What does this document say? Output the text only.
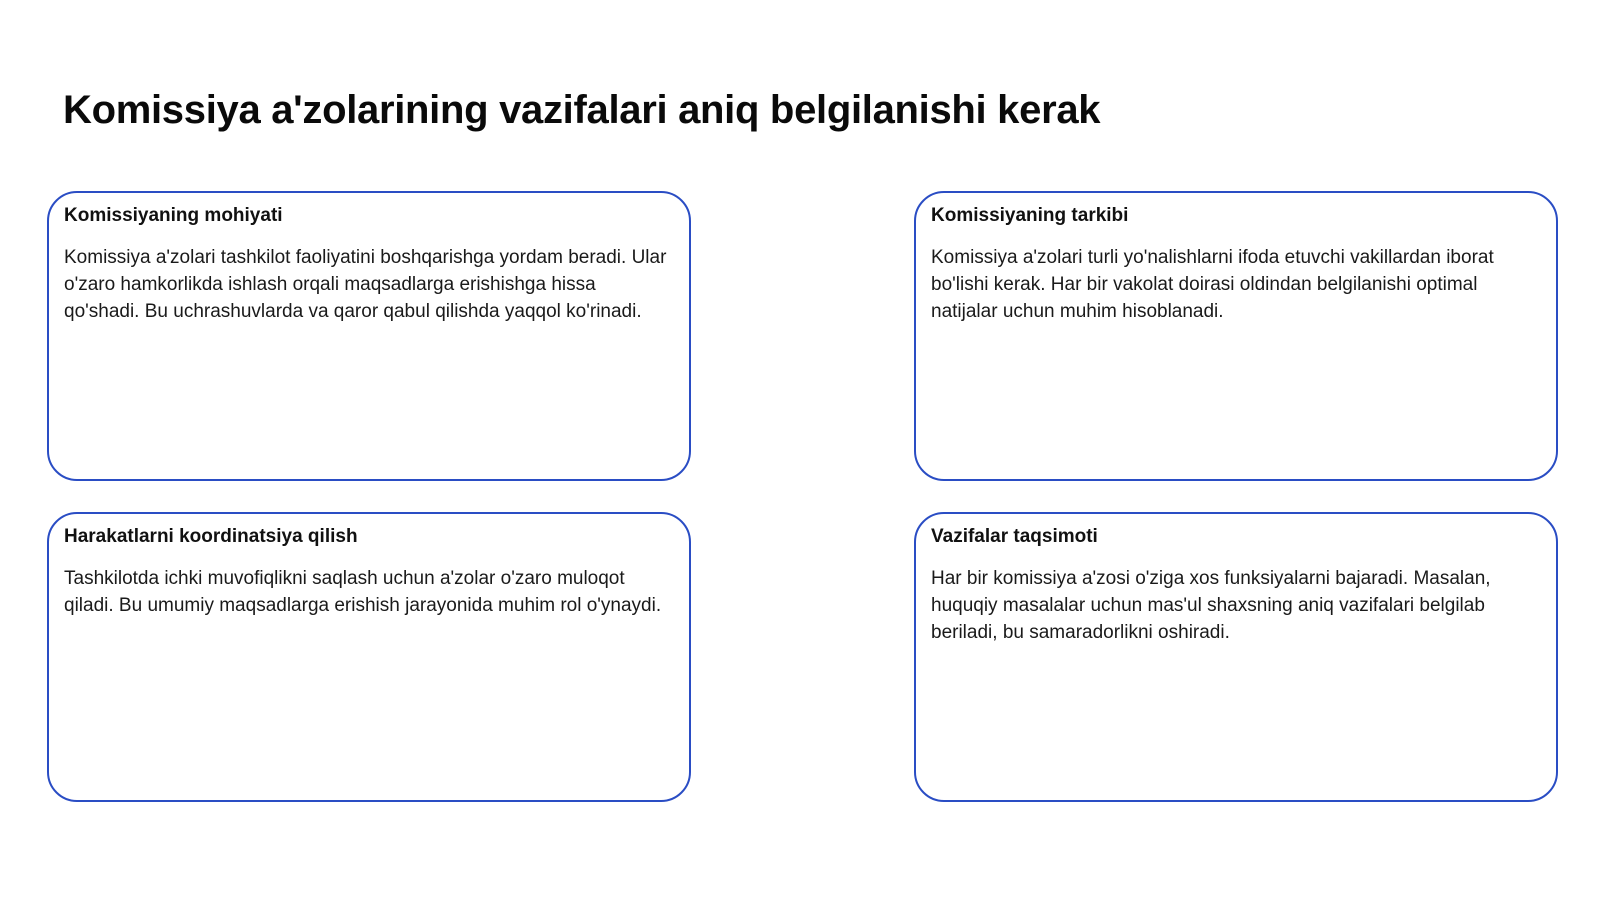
Komissiya a'zolarining vazifalari aniq belgilanishi kerak
Komissiyaning mohiyati

Komissiya a'zolari tashkilot faoliyatini boshqarishga yordam beradi. Ular o'zaro hamkorlikda ishlash orqali maqsadlarga erishishga hissa qo'shadi. Bu uchrashuvlarda va qaror qabul qilishda yaqqol ko'rinadi.

Komissiyaning tarkibi

Komissiya a'zolari turli yo'nalishlarni ifoda etuvchi vakillardan iborat bo'lishi kerak. Har bir vakolat doirasi oldindan belgilanishi optimal natijalar uchun muhim hisoblanadi.

Harakatlarni koordinatsiya qilish

Tashkilotda ichki muvofiqlikni saqlash uchun a'zolar o'zaro muloqot qiladi. Bu umumiy maqsadlarga erishish jarayonida muhim rol o'ynaydi.

Vazifalar taqsimoti

Har bir komissiya a'zosi o'ziga xos funksiyalarni bajaradi. Masalan, huquqiy masalalar uchun mas'ul shaxsning aniq vazifalari belgilab beriladi, bu samaradorlikni oshiradi.
